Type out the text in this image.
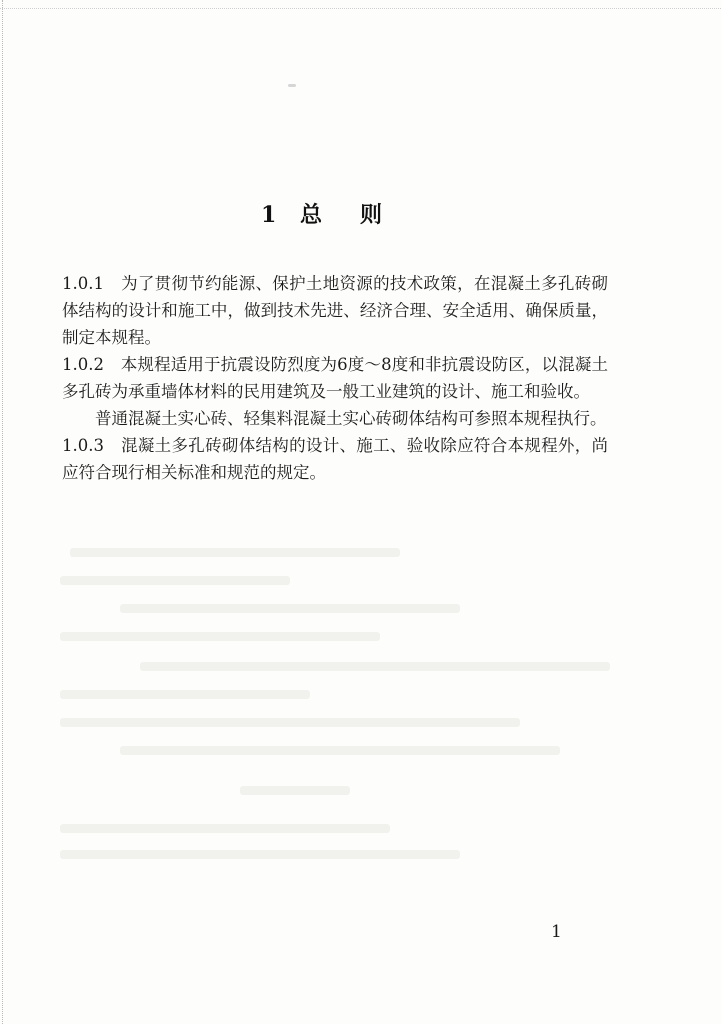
1 总　则

1.0.1　为了贯彻节约能源、保护土地资源的技术政策，在混凝土多孔砖砌体结构的设计和施工中，做到技术先进、经济合理、安全适用、确保质量，制定本规程。

1.0.2　本规程适用于抗震设防烈度为6度～8度和非抗震设防区，以混凝土多孔砖为承重墙体材料的民用建筑及一般工业建筑的设计、施工和验收。

普通混凝土实心砖、轻集料混凝土实心砖砌体结构可参照本规程执行。

1.0.3　混凝土多孔砖砌体结构的设计、施工、验收除应符合本规程外，尚应符合现行相关标准和规范的规定。

1
